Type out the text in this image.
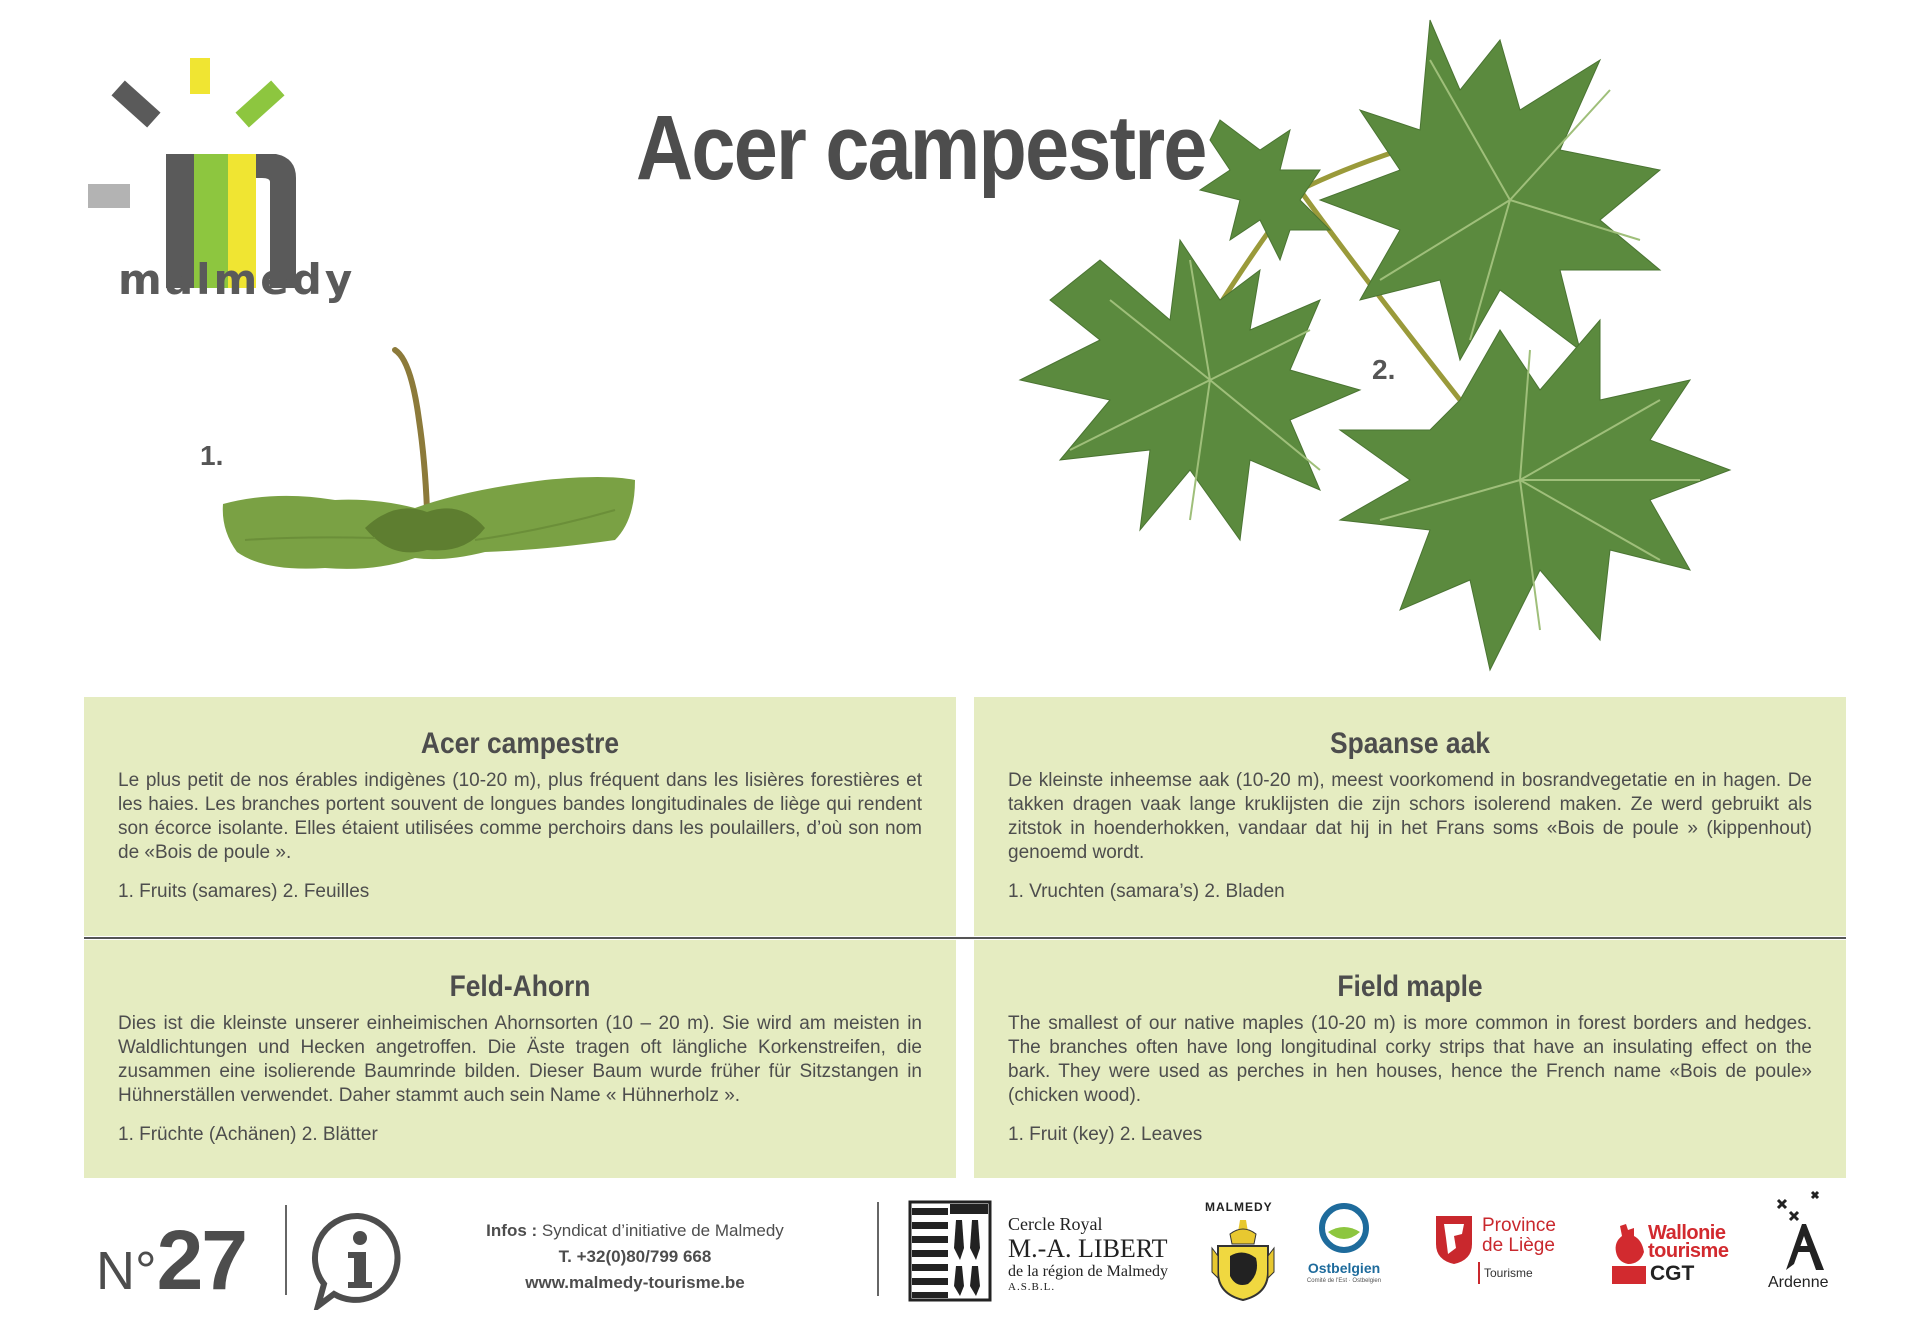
malmedy
Acer campestre
1.
2.
Acer campestre

Le plus petit de nos érables indigènes (10-20 m), plus fréquent dans les lisières forestières et les haies. Les branches portent souvent de longues bandes longitudinales de liège qui rendent son écorce isolante. Elles étaient utilisées comme perchoirs dans les poulaillers, d’où son nom de «Bois de poule ».

1. Fruits (samares) 2. Feuilles

Spaanse aak

De kleinste inheemse aak (10-20 m), meest voorkomend in bosrandvegetatie en in hagen. De takken dragen vaak lange kruklijsten die zijn schors isolerend maken. Ze werd gebruikt als zitstok in hoenderhokken, vandaar dat hij in het Frans soms «Bois de poule » (kippenhout) genoemd wordt.

1. Vruchten (samara’s) 2. Bladen

Feld-Ahorn

Dies ist die kleinste unserer einheimischen Ahornsorten (10 – 20 m). Sie wird am meisten in Waldlichtungen und Hecken angetroffen. Die Äste tragen oft längliche Korkenstreifen, die zusammen eine isolierende Baumrinde bilden. Dieser Baum wurde früher für Sitzstangen in Hühnerställen verwendet. Daher stammt auch sein Name « Hühnerholz ».

1. Früchte (Achänen) 2. Blätter

Field maple

The smallest of our native maples (10-20 m) is more common in forest borders and hedges. The branches often have long longitudinal corky strips that have an insulating effect on the bark. They were used as perches in hen houses, hence the French name «Bois de poule» (chicken wood).

1. Fruit (key) 2. Leaves

N°27	Infos : Syndicat d’initiative de Malmedy
T. +32(0)80/799 668
www.malmedy-tourisme.be
Cercle Royal
M.-A. LIBERT
de la région de Malmedy
A.S.B.L.
MALMEDY
Ostbelgien
Comité de l'Est · Ostbelgien
Province
de Liège
Tourisme
Wallonie
tourisme
CGT	Ardenne
